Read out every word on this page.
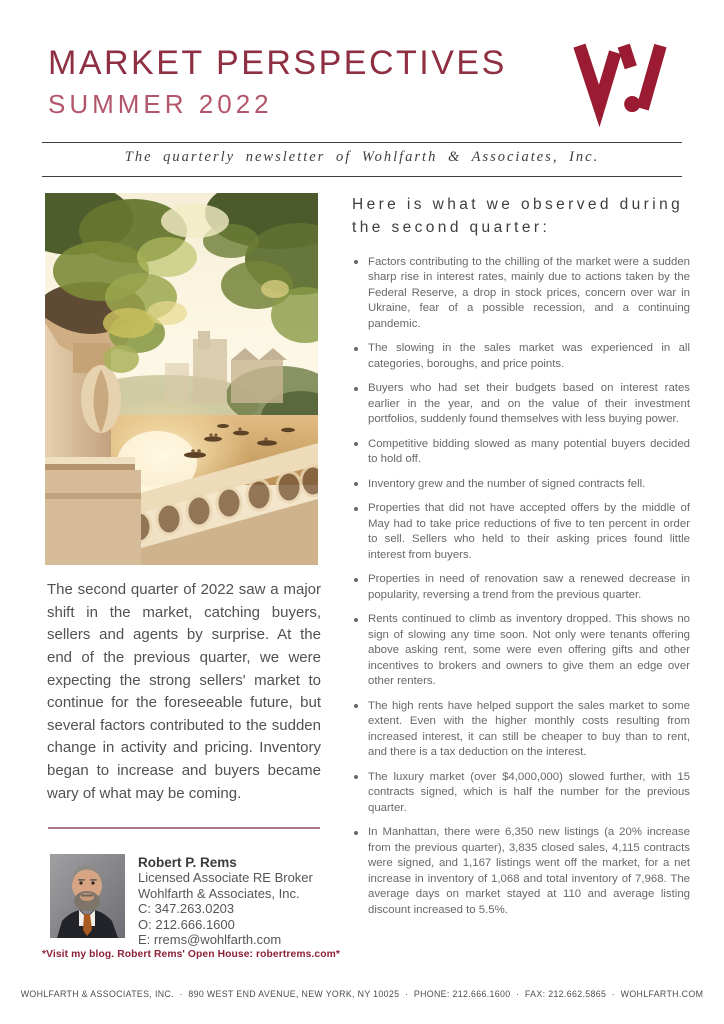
MARKET PERSPECTIVES
SUMMER 2022
The quarterly newsletter of Wohlfarth & Associates, Inc.

The second quarter of 2022 saw a major shift in the market, catching buyers, sellers and agents by surprise. At the end of the previous quarter, we were expecting the strong sellers' market to continue for the foreseeable future, but several factors contributed to the sudden change in activity and pricing. Inventory began to increase and buyers became wary of what may be coming.

Robert P. Rems
Licensed Associate RE Broker
Wohlfarth & Associates, Inc.
C: 347.263.0203
O: 212.666.1600
E: rrems@wohlfarth.com
*Visit my blog. Robert Rems' Open House: robertrems.com*
Here is what we observed during the second quarter:
Factors contributing to the chilling of the market were a sudden sharp rise in interest rates, mainly due to actions taken by the Federal Reserve, a drop in stock prices, concern over war in Ukraine, fear of a possible recession, and a continuing pandemic.
The slowing in the sales market was experienced in all categories, boroughs, and price points.
Buyers who had set their budgets based on interest rates earlier in the year, and on the value of their investment portfolios, suddenly found themselves with less buying power.
Competitive bidding slowed as many potential buyers decided to hold off.
Inventory grew and the number of signed contracts fell.
Properties that did not have accepted offers by the middle of May had to take price reductions of five to ten percent in order to sell. Sellers who held to their asking prices found little interest from buyers.
Properties in need of renovation saw a renewed decrease in popularity, reversing a trend from the previous quarter.
Rents continued to climb as inventory dropped. This shows no sign of slowing any time soon. Not only were tenants offering above asking rent, some were even offering gifts and other incentives to brokers and owners to give them an edge over other renters.
The high rents have helped support the sales market to some extent. Even with the higher monthly costs resulting from increased interest, it can still be cheaper to buy than to rent, and there is a tax deduction on the interest.
The luxury market (over $4,000,000) slowed further, with 15 contracts signed, which is half the number for the previous quarter.
In Manhattan, there were 6,350 new listings (a 20% increase from the previous quarter), 3,835 closed sales, 4,115 contracts were signed, and 1,167 listings went off the market, for a net increase in inventory of 1,068 and total inventory of 7,968. The average days on market stayed at 110 and average listing discount increased to 5.5%.
WOHLFARTH & ASSOCIATES, INC.  ·  890 WEST END AVENUE, NEW YORK, NY 10025  ·  PHONE: 212.666.1600  ·  FAX: 212.662.5865  ·  WOHLFARTH.COM
